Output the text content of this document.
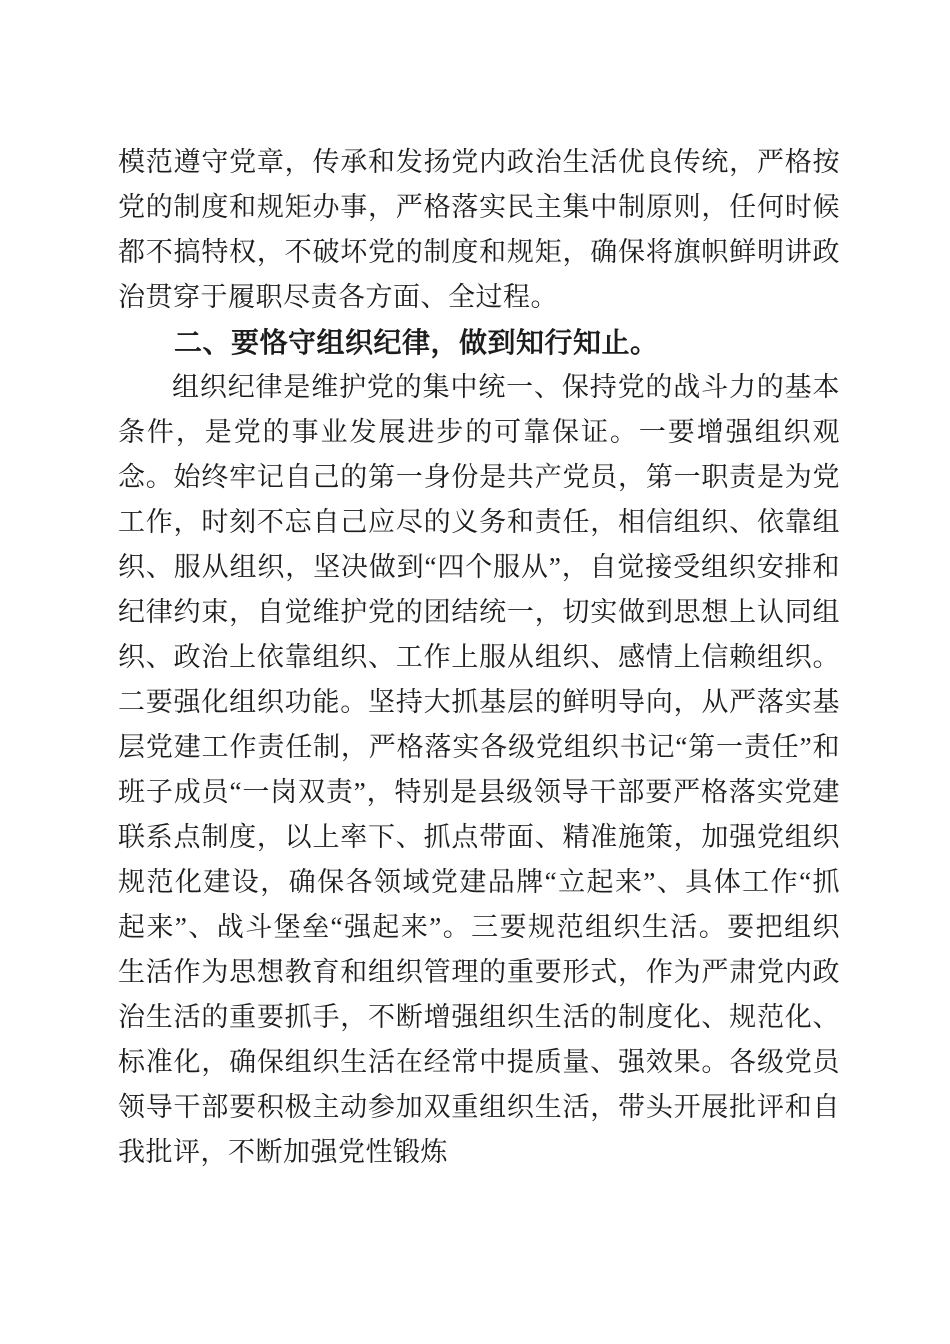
模范遵守党章，传承和发扬党内政治生活优良传统，严格按党的制度和规矩办事，严格落实民主集中制原则，任何时候都不搞特权，不破坏党的制度和规矩，确保将旗帜鲜明讲政治贯穿于履职尽责各方面、全过程。

二、要恪守组织纪律，做到知行知止。

组织纪律是维护党的集中统一、保持党的战斗力的基本条件，是党的事业发展进步的可靠保证。一要增强组织观念。始终牢记自己的第一身份是共产党员，第一职责是为党工作，时刻不忘自己应尽的义务和责任，相信组织、依靠组织、服从组织，坚决做到“四个服从”，自觉接受组织安排和纪律约束，自觉维护党的团结统一，切实做到思想上认同组织、政治上依靠组织、工作上服从组织、感情上信赖组织。二要强化组织功能。坚持大抓基层的鲜明导向，从严落实基层党建工作责任制，严格落实各级党组织书记“第一责任”和班子成员“一岗双责”，特别是县级领导干部要严格落实党建联系点制度，以上率下、抓点带面、精准施策，加强党组织规范化建设，确保各领域党建品牌“立起来”、具体工作“抓起来”、战斗堡垒“强起来”。三要规范组织生活。要把组织生活作为思想教育和组织管理的重要形式，作为严肃党内政治生活的重要抓手，不断增强组织生活的制度化、规范化、标准化，确保组织生活在经常中提质量、强效果。各级党员领导干部要积极主动参加双重组织生活，带头开展批评和自我批评，不断加强党性锻炼
